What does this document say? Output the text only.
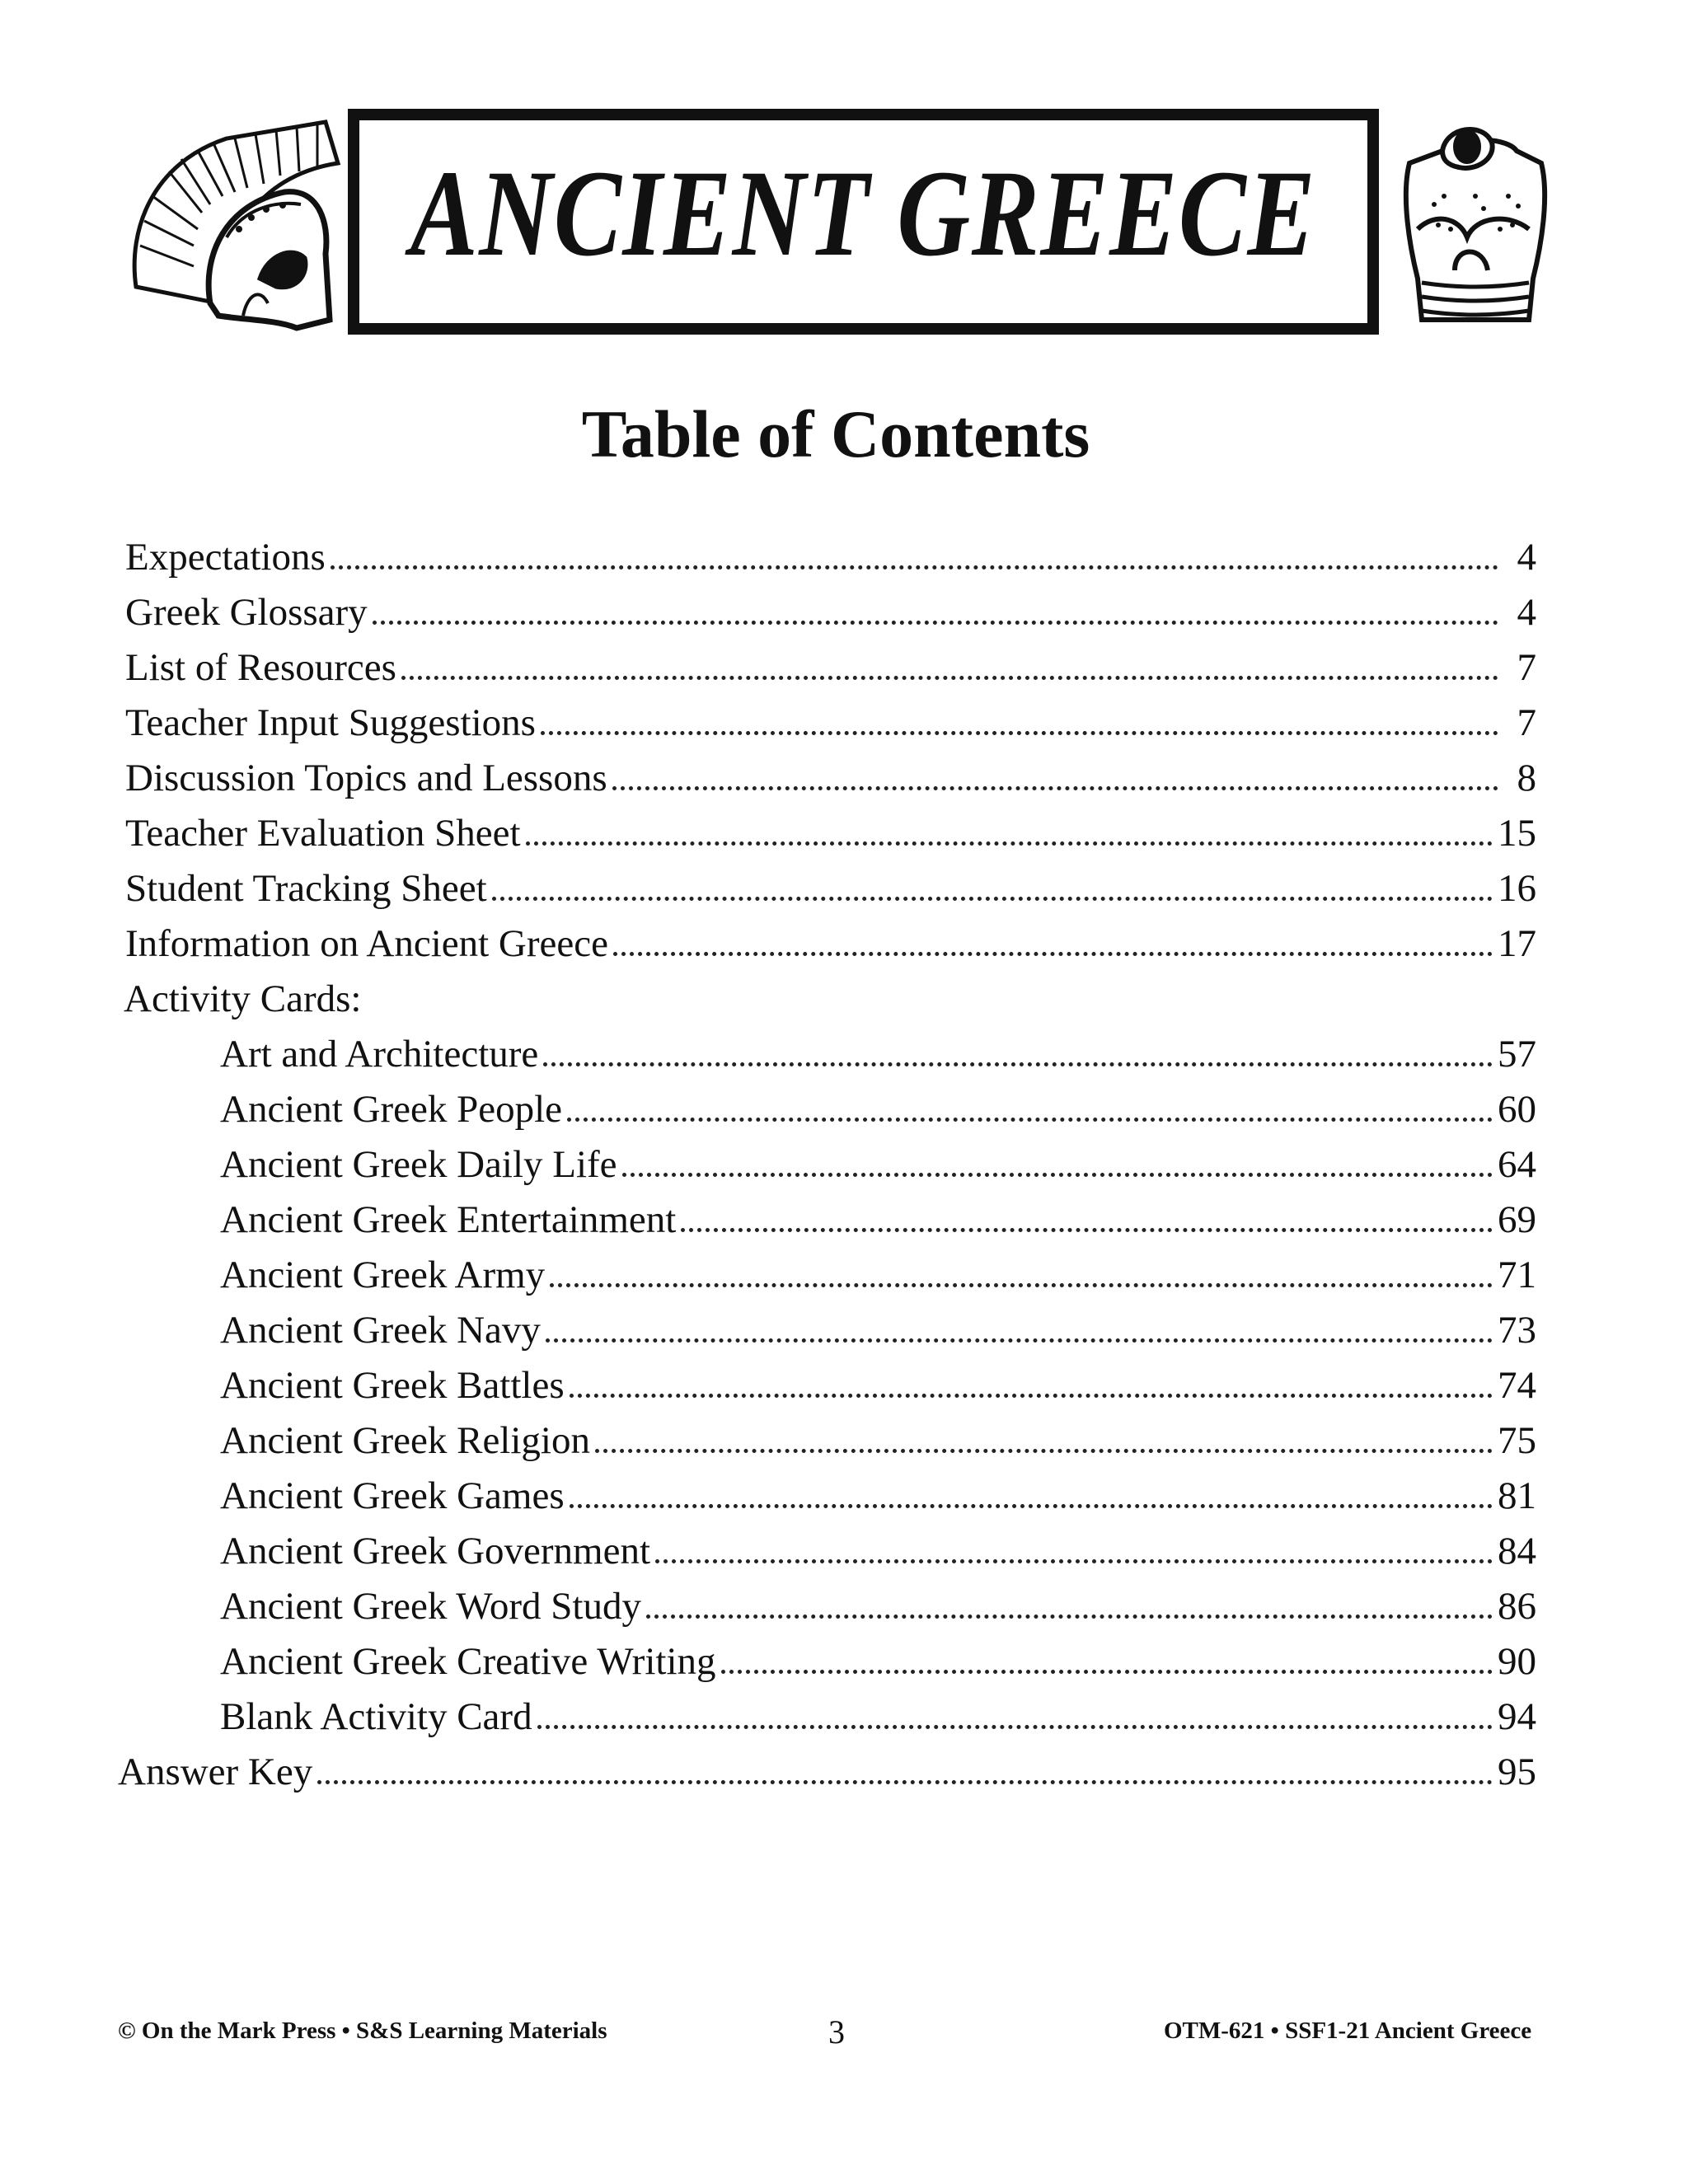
ANCIENT GREECE
Table of Contents
Expectations	4
Greek Glossary	4
List of Resources	7
Teacher Input Suggestions	7
Discussion Topics and Lessons	8
Teacher Evaluation Sheet	15
Student Tracking Sheet	16
Information on Ancient Greece	17
Activity Cards:
Art and Architecture	57
Ancient Greek People	60
Ancient Greek Daily Life	64
Ancient Greek Entertainment	69
Ancient Greek Army	71
Ancient Greek Navy	73
Ancient Greek Battles	74
Ancient Greek Religion	75
Ancient Greek Games	81
Ancient Greek Government	84
Ancient Greek Word Study	86
Ancient Greek Creative Writing	90
Blank Activity Card	94
Answer Key	95
© On the Mark Press • S&S Learning Materials	3	OTM-621 • SSF1-21 Ancient Greece
